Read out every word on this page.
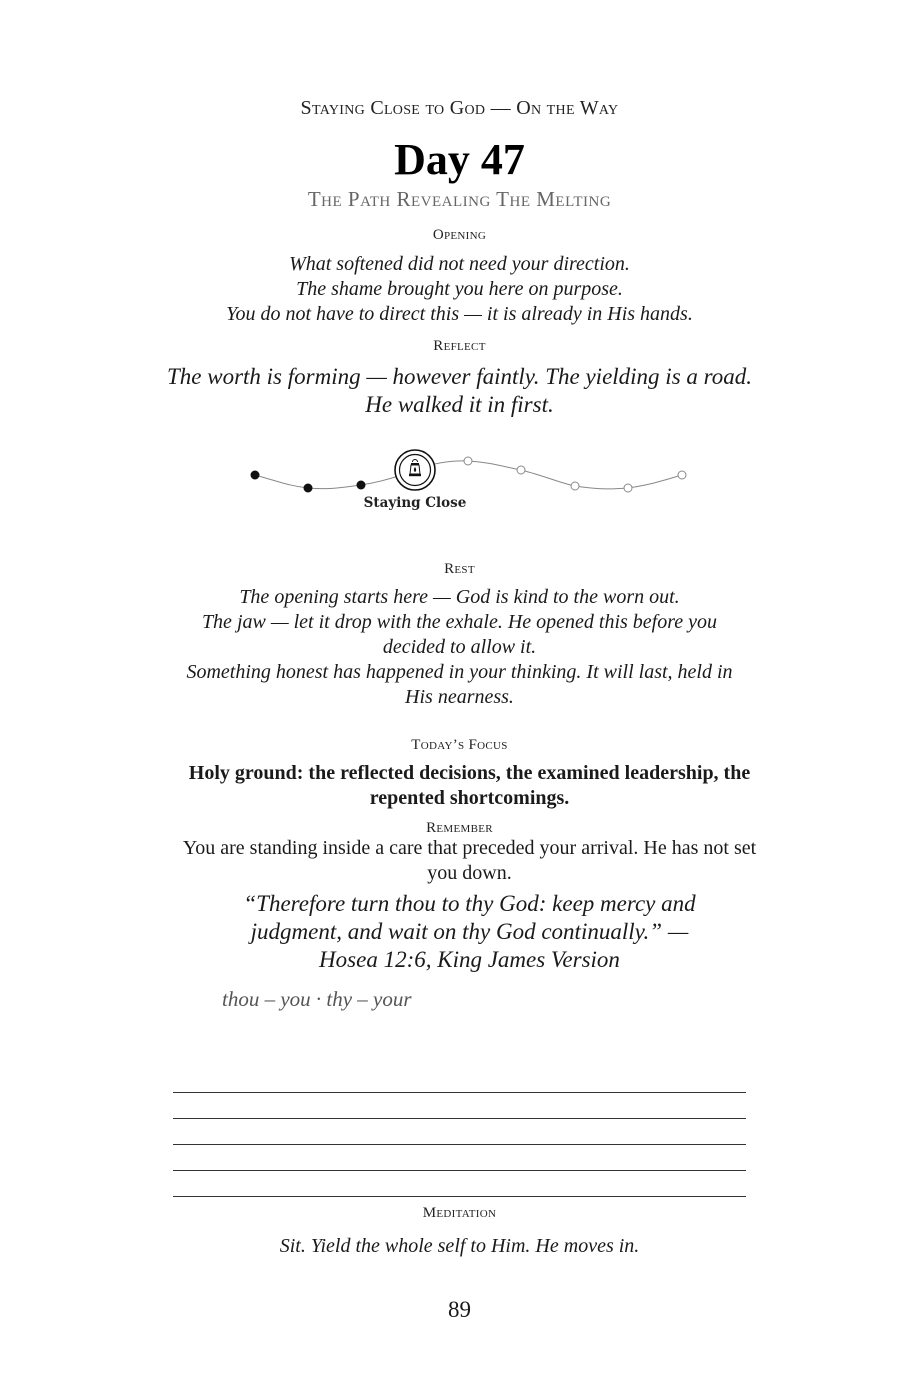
Staying Close to God — On the Way
Day 47
The Path Revealing The Melting
Opening
What softened did not need your direction.
The shame brought you here on purpose.
You do not have to direct this — it is already in His hands.
Reflect
The worth is forming — however faintly. The yielding is a road.
He walked it in first.
Staying Close
Rest

The opening starts here — God is kind to the worn out.

The jaw — let it drop with the exhale. He opened this before you decided to allow it.

Something honest has happened in your thinking. It will last, held in His nearness.

Today’s Focus
Holy ground: the reflected decisions, the examined leadership, the repented shortcomings.
Remember
You are standing inside a care that preceded your arrival. He has not set you down.
“Therefore turn thou to thy God: keep mercy and judgment, and wait on thy God continually.” — Hosea 12:6, King James Version
thou – you · thy – your
Meditation
Sit. Yield the whole self to Him. He moves in.
89
